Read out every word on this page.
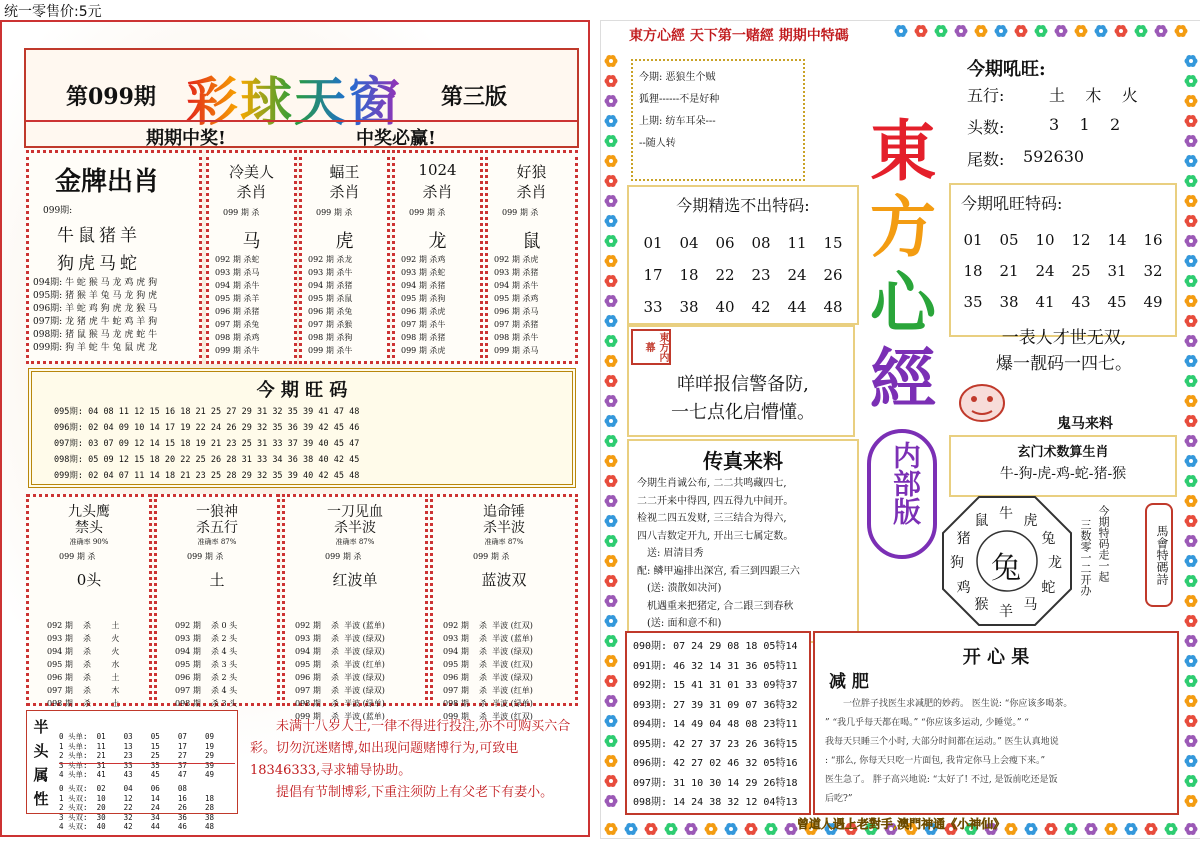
统一零售价:5元
第099期 彩球天窗 第三版
期期中奖!	中奖必赢!
金牌出肖
099期:
牛鼠猪羊
狗虎马蛇
094期: 牛 蛇 猴 马 龙 鸡 虎 狗
095期: 猪 猴 羊 兔 马 龙 狗 虎
096期: 羊 蛇 鸡 狗 虎 龙 猴 马
097期: 龙 猪 虎 牛 蛇 鸡 羊 狗
098期: 猪 鼠 猴 马 龙 虎 蛇 牛
099期: 狗 羊 蛇 牛 兔 鼠 虎 龙
冷美人
杀肖
099 期 杀
马
092 期 杀蛇
093 期 杀马
094 期 杀牛
095 期 杀羊
096 期 杀猪
097 期 杀兔
098 期 杀鸡
099 期 杀牛
蝠王
杀肖
099 期 杀
虎
092 期 杀龙
093 期 杀牛
094 期 杀猪
095 期 杀鼠
096 期 杀兔
097 期 杀猴
098 期 杀狗
099 期 杀牛
1024
杀肖
099 期 杀
龙
092 期 杀鸡
093 期 杀蛇
094 期 杀猪
095 期 杀狗
096 期 杀虎
097 期 杀牛
098 期 杀猪
099 期 杀虎
好狼
杀肖
099 期 杀
鼠
092 期 杀虎
093 期 杀猪
094 期 杀牛
095 期 杀鸡
096 期 杀马
097 期 杀猪
098 期 杀牛
099 期 杀马
今 期 旺 码
095期: 04 08 11 12 15 16 18 21 25 27 29 31 32 35 39 41 47 48
096期: 02 04 09 10 14 17 19 22 24 26 29 32 35 36 39 42 45 46
097期: 03 07 09 12 14 15 18 19 21 23 25 31 33 37 39 40 45 47
098期: 05 09 12 15 18 20 22 25 26 28 31 33 34 36 38 40 42 45
099期: 02 04 07 11 14 18 21 23 25 28 29 32 35 39 40 42 45 48
九头鹰
禁头
准确率 90%
099 期 杀
0头

092 期    杀        土
093 期    杀        火
094 期    杀        火
095 期    杀        水
096 期    杀        土
097 期    杀        木
098 期    杀        土

一狼神
杀五行
准确率 87%
099 期 杀
土

092 期    杀 0 头
093 期    杀 2 头
094 期    杀 4 头
095 期    杀 3 头
096 期    杀 2 头
097 期    杀 4 头
098 期    杀 3 头

一刀见血
杀半波
准确率 87%
099 期 杀
红波单

092 期    杀  半波 (蓝单)
093 期    杀  半波 (绿双)
094 期    杀  半波 (绿双)
095 期    杀  半波 (红单)
096 期    杀  半波 (绿双)
097 期    杀  半波 (绿双)
098 期    杀  半波 (绿单)
099 期    杀  半波 (蓝单)

追命锤
杀半波
准确率 87%
099 期 杀
蓝波双

092 期    杀  半波 (红双)
093 期    杀  半波 (蓝单)
094 期    杀  半波 (绿双)
095 期    杀  半波 (红双)
096 期    杀  半波 (绿双)
097 期    杀  半波 (红单)
098 期    杀  半波 (绿单)
099 期    杀  半波 (红双)

半
头
属
性

0 头单:  01    03    05    07    09
1 头单:  11    13    15    17    19
2 头单:  21    23    25    27    29
3 头单:  31    33    35    37    39
4 头单:  41    43    45    47    49

0 头双:  02    04    06    08
1 头双:  10    12    14    16    18
2 头双:  20    22    24    26    28
3 头双:  30    32    34    36    38
4 头双:  40    42    44    46    48

未满十八岁人士,一律不得进行投注,亦不可购买六合彩。切勿沉迷赌博,如出现问题赌博行为,可致电18346333,寻求辅导协助。
提倡有节制博彩,下重注须防上有父老下有妻小。
東方心經 天下第一赌經 期期中特碼
今期: 恶狼生个贼
狐狸------不是好种
上期: 纺车耳朵---
--随人转	東
方
心
經
内部版
今期吼旺:
五行:	土    木    火
头数:	3    1    2
尾数: 592630
今期精选不出特码:
01 04 06 08 11 15
17 18 22 23 24 26
33 38 40 42 44 48

今期吼旺特码:
01 05 10 12 14 16
18 21 24 25 31 32
35 38 41 43 45 49

一表人才世无双,
爆一靓码一四七。
鬼马来料
玄门术数算生肖
牛-狗-虎-鸡-蛇-猪-猴
東方内幕
咩咩报信警备防,
一七点化启懵懂。
传真来料
今期生肖诚公布, 二二共鸣藏四七,
二二开来中得四, 四五得九中间开。
检视二四五发财, 三三结合为得六,
四八吉数定开九, 开出三七属定数。
送: 眉清目秀
配: 鳞甲遍排出深宫, 看三到四跟三六
(送: 溃散如决河)
机遇重来把猪定, 合二跟三到春秋
(送: 面和意不和)
兔
牛 虎
兔
龙
蛇
马
羊
猴
鸡
狗
猪
鼠	今期特码走一起
三数零一二开办	馬會特碼詩
090期: 07 24 29 08 18 05特14
091期: 46 32 14 31 36 05特11
092期: 15 41 31 01 33 09特37
093期: 27 39 31 09 07 36特32
094期: 14 49 04 48 08 23特11
095期: 42 27 37 23 26 36特15
096期: 42 27 02 46 32 05特16
097期: 31 10 30 14 29 26特18
098期: 14 24 38 32 12 04特13
开 心 果
减 肥
一位胖子找医生求减肥的妙药。 医生说: “你应该多喝茶。
” “我几乎每天都在喝。” “你应该多运动, 少睡觉。” “
我每天只睡三个小时, 大部分时间都在运动。” 医生认真地说
: “那么, 你每天只吃一片面包, 我肯定你马上会瘦下来。”
医生急了。 胖子高兴地说: “太好了! 不过, 是饭前吃还是饭
后吃?”
曾道人遇上老對手,澳門神通《小神仙》
